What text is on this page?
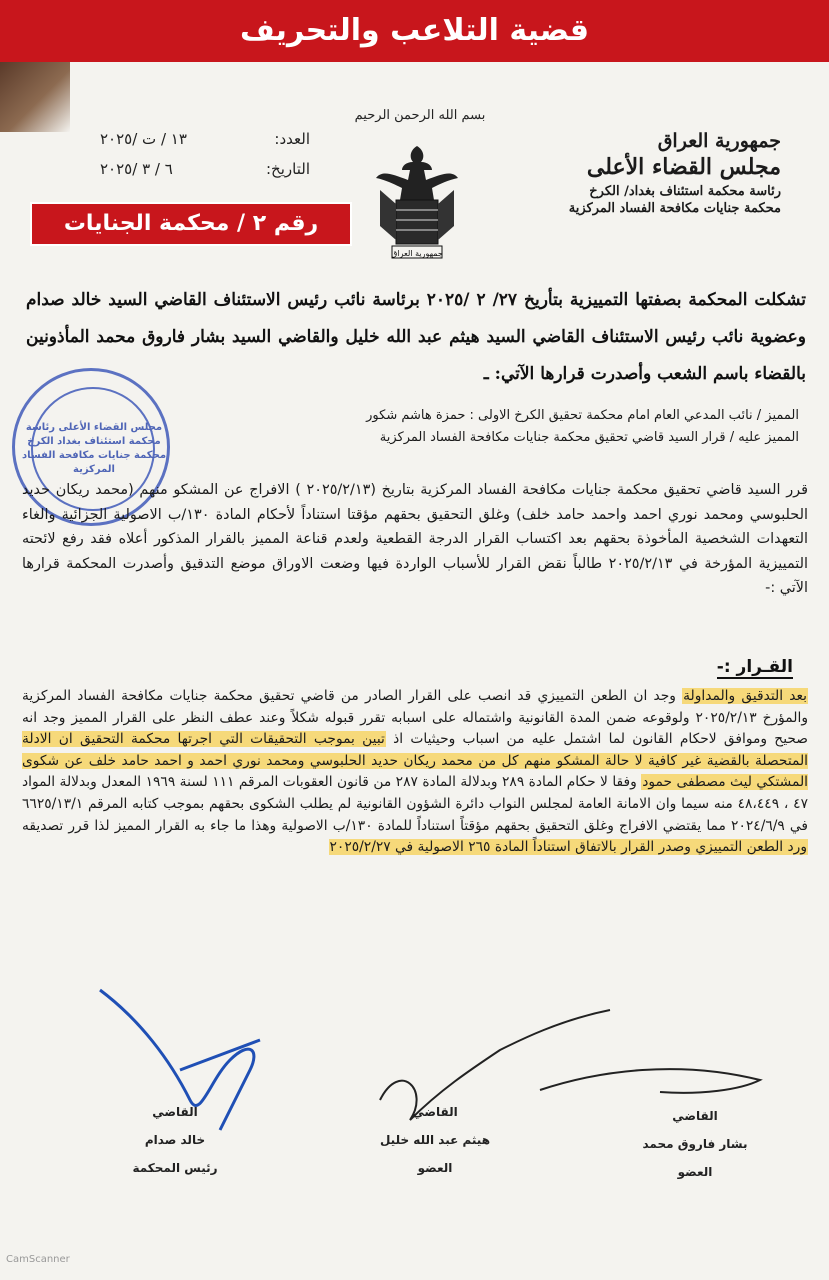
قضية التلاعب والتحريف
بسم الله الرحمن الرحيم
جمهورية العراق
مجلس القضاء الأعلى
رئاسة محكمة استئناف بغداد/ الكرخ
محكمة جنايات مكافحة الفساد المركزية
جمهورية العراق
العدد:
١٣ / ت /٢٠٢٥
التاريخ:
٦ / ٣ /٢٠٢٥
رقم ٢ / محكمة الجنايات
تشكلت المحكمة بصفتها التمييزية بتأريخ ٢٧/ ٢ /٢٠٢٥ برئاسة نائب رئيس الاستئناف القاضي السيد خالد صدام وعضوية نائب رئيس الاستئناف القاضي السيد هيثم عبد الله خليل والقاضي السيد بشار فاروق محمد المأذونين بالقضاء باسم الشعب وأصدرت قرارها الآتي: ـ
مجلس القضاء الأعلى رئاسة محكمة استئناف بغداد الكرخ محكمة جنايات مكافحة الفساد المركزية
المميز / نائب المدعي العام امام محكمة تحقيق الكرخ الاولى : حمزة هاشم شكور
المميز عليه / قرار السيد قاضي تحقيق محكمة جنايات مكافحة الفساد المركزية
قرر السيد قاضي تحقيق محكمة جنايات مكافحة الفساد المركزية بتاريخ (٢٠٢٥/٢/١٣ ) الافراج عن المشكو منهم (محمد ريكان حديد الحلبوسي ومحمد نوري احمد واحمد حامد خلف) وغلق التحقيق بحقهم مؤقتا استناداً لأحكام المادة ١٣٠/ب الاصولية الجزائية والغاء التعهدات الشخصية المأخوذة بحقهم بعد اكتساب القرار الدرجة القطعية ولعدم قناعة المميز بالقرار المذكور أعلاه فقد رفع لائحته التمييزية المؤرخة في ٢٠٢٥/٢/١٣ طالباً نقض القرار للأسباب الواردة فيها وضعت الاوراق موضع التدقيق وأصدرت المحكمة قرارها الآتي :-
القـرار :-
بعد التدقيق والمداولة وجد ان الطعن التمييزي قد انصب على القرار الصادر من قاضي تحقيق محكمة جنايات مكافحة الفساد المركزية والمؤرخ ٢٠٢٥/٢/١٣ ولوقوعه ضمن المدة القانونية واشتماله على اسبابه تقرر قبوله شكلاً وعند عطف النظر على القرار المميز وجد انه صحيح وموافق لاحكام القانون لما اشتمل عليه من اسباب وحيثيات اذ تبين بموجب التحقيقات التي اجرتها محكمة التحقيق ان الادلة المتحصلة بالقضية غير كافية لا حالة المشكو منهم كل من محمد ريكان حديد الحلبوسي ومحمد نوري احمد و احمد حامد خلف عن شكوى المشتكي ليث مصطفى حمود وفقا لا حكام المادة ٢٨٩ وبدلالة المادة ٢٨٧ من قانون العقوبات المرقم ١١١ لسنة ١٩٦٩ المعدل وبدلالة المواد ٤٧ ، ٤٨،٤٤٩ منه سيما وان الامانة العامة لمجلس النواب دائرة الشؤون القانونية لم يطلب الشكوى بحقهم بموجب كتابه المرقم ٦٦٢٥/١٣/١ في ٢٠٢٤/٦/٩ مما يقتضي الافراج وغلق التحقيق بحقهم مؤقتاً استناداً للمادة ١٣٠/ب الاصولية وهذا ما جاء به القرار المميز لذا قرر تصديقه ورد الطعن التمييزي وصدر القرار بالاتفاق استناداً المادة ٢٦٥ الاصولية في ٢٠٢٥/٢/٢٧
القاضي
بشار فاروق محمد
العضو
القاضي
هيثم عبد الله خليل
العضو
القاضي
خالد صدام
رئيس المحكمة
CamScanner
